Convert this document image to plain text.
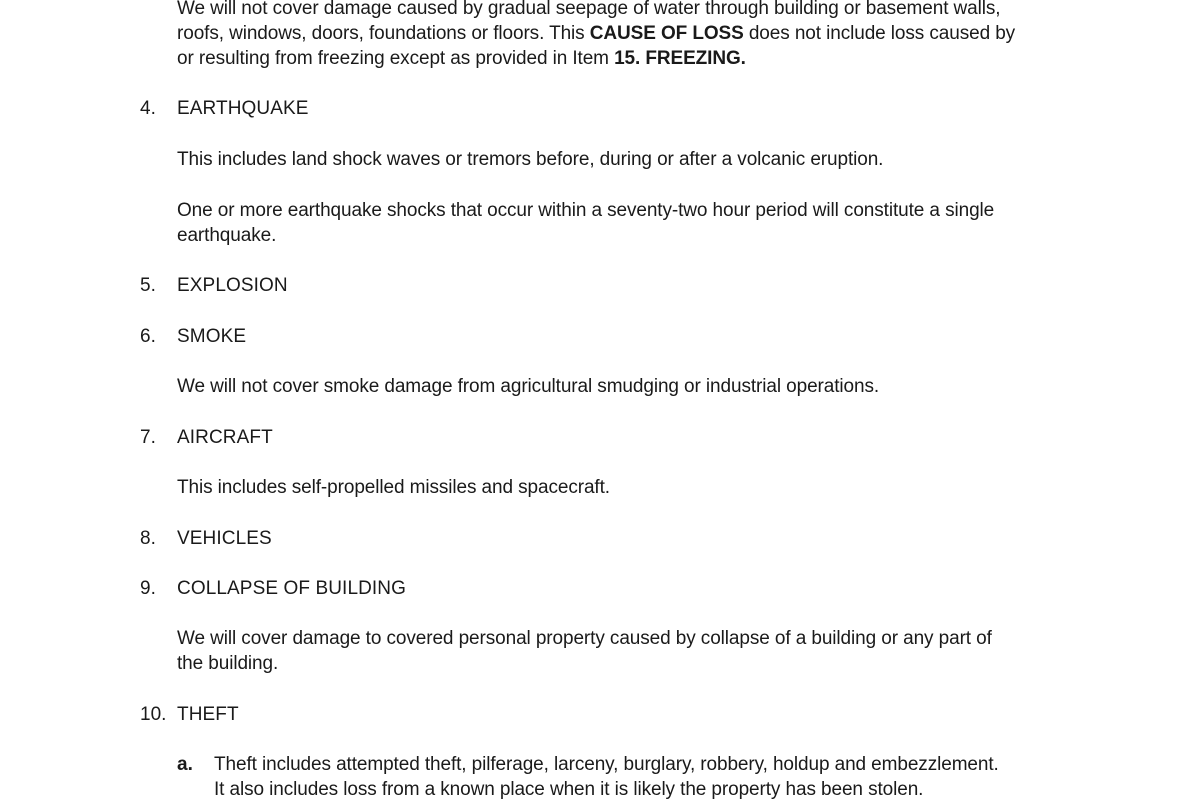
We will not cover damage caused by gradual seepage of water through building or basement walls,
roofs, windows, doors, foundations or floors. This CAUSE OF LOSS does not include loss caused by
or resulting from freezing except as provided in Item 15. FREEZING.
4. EARTHQUAKE
This includes land shock waves or tremors before, during or after a volcanic eruption.
One or more earthquake shocks that occur within a seventy-two hour period will constitute a single
earthquake.
5. EXPLOSION
6. SMOKE
We will not cover smoke damage from agricultural smudging or industrial operations.
7. AIRCRAFT
This includes self-propelled missiles and spacecraft.
8. VEHICLES
9. COLLAPSE OF BUILDING
We will cover damage to covered personal property caused by collapse of a building or any part of
the building.
10. THEFT
a. Theft includes attempted theft, pilferage, larceny, burglary, robbery, holdup and embezzlement.
It also includes loss from a known place when it is likely the property has been stolen.
